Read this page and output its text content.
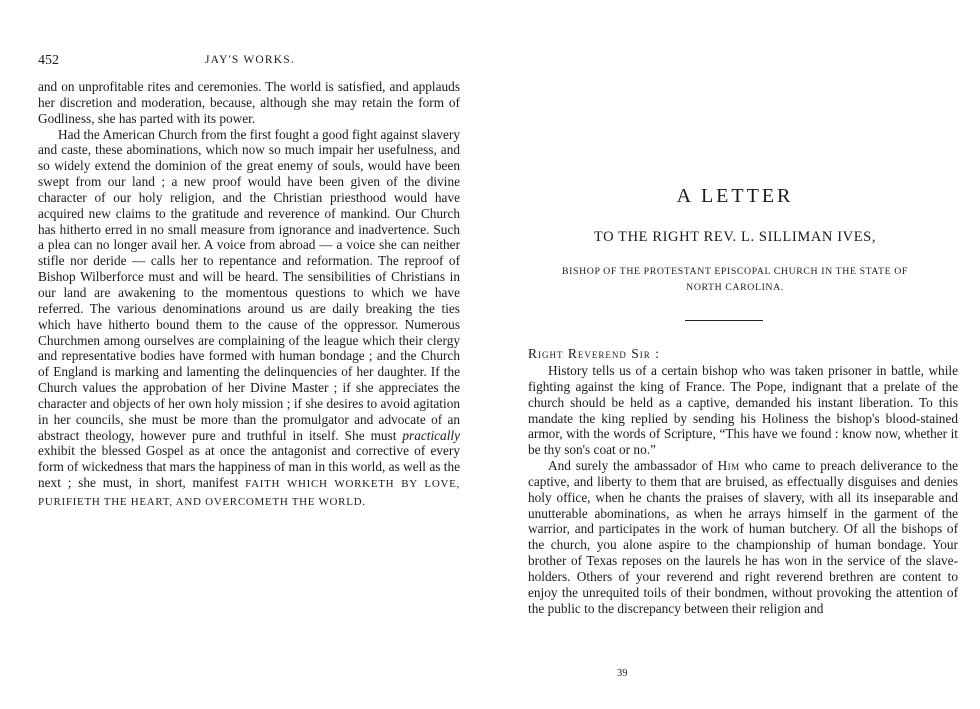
452	JAY'S WORKS.

and on unprofitable rites and ceremonies. The world is satisfied, and applauds her discretion and moderation, because, although she may retain the form of Godliness, she has parted with its power.

Had the American Church from the first fought a good fight against slavery and caste, these abominations, which now so much impair her usefulness, and so widely extend the dominion of the great enemy of souls, would have been swept from our land ; a new proof would have been given of the divine character of our holy religion, and the Christian priesthood would have acquired new claims to the gratitude and reverence of mankind. Our Church has hitherto erred in no small measure from ignorance and inadvertence. Such a plea can no longer avail her. A voice from abroad — a voice she can neither stifle nor deride — calls her to repentance and reformation. The reproof of Bishop Wilberforce must and will be heard. The sensibilities of Christians in our land are awakening to the momentous questions to which we have referred. The various denominations around us are daily breaking the ties which have hitherto bound them to the cause of the oppressor. Numerous Churchmen among ourselves are complaining of the league which their clergy and representative bodies have formed with human bondage ; and the Church of England is marking and lamenting the delinquencies of her daughter. If the Church values the approbation of her Divine Master ; if she appreciates the character and objects of her own holy mission ; if she desires to avoid agitation in her councils, she must be more than the promulgator and advocate of an abstract theology, however pure and truthful in itself. She must practically exhibit the blessed Gospel as at once the antagonist and corrective of every form of wickedness that mars the happiness of man in this world, as well as the next ; she must, in short, manifest FAITH WHICH WORKETH BY LOVE, PURIFIETH THE HEART, AND OVERCOMETH THE WORLD.

A LETTER
TO THE RIGHT REV. L. SILLIMAN IVES,
BISHOP OF THE PROTESTANT EPISCOPAL CHURCH IN THE STATE OF
NORTH CAROLINA.
Right Reverend Sir :

History tells us of a certain bishop who was taken prisoner in battle, while fighting against the king of France. The Pope, indignant that a prelate of the church should be held as a captive, demanded his instant liberation. To this mandate the king replied by sending his Holiness the bishop's blood-stained armor, with the words of Scripture, “This have we found : know now, whether it be thy son's coat or no.”

And surely the ambassador of Him who came to preach deliverance to the captive, and liberty to them that are bruised, as effectually disguises and denies holy office, when he chants the praises of slavery, with all its inseparable and unutterable abominations, as when he arrays himself in the garment of the warrior, and participates in the work of human butchery. Of all the bishops of the church, you alone aspire to the championship of human bondage. Your brother of Texas reposes on the laurels he has won in the service of the slave-holders. Others of your reverend and right reverend brethren are content to enjoy the unrequited toils of their bondmen, without provoking the attention of the public to the discrepancy between their religion and

39
